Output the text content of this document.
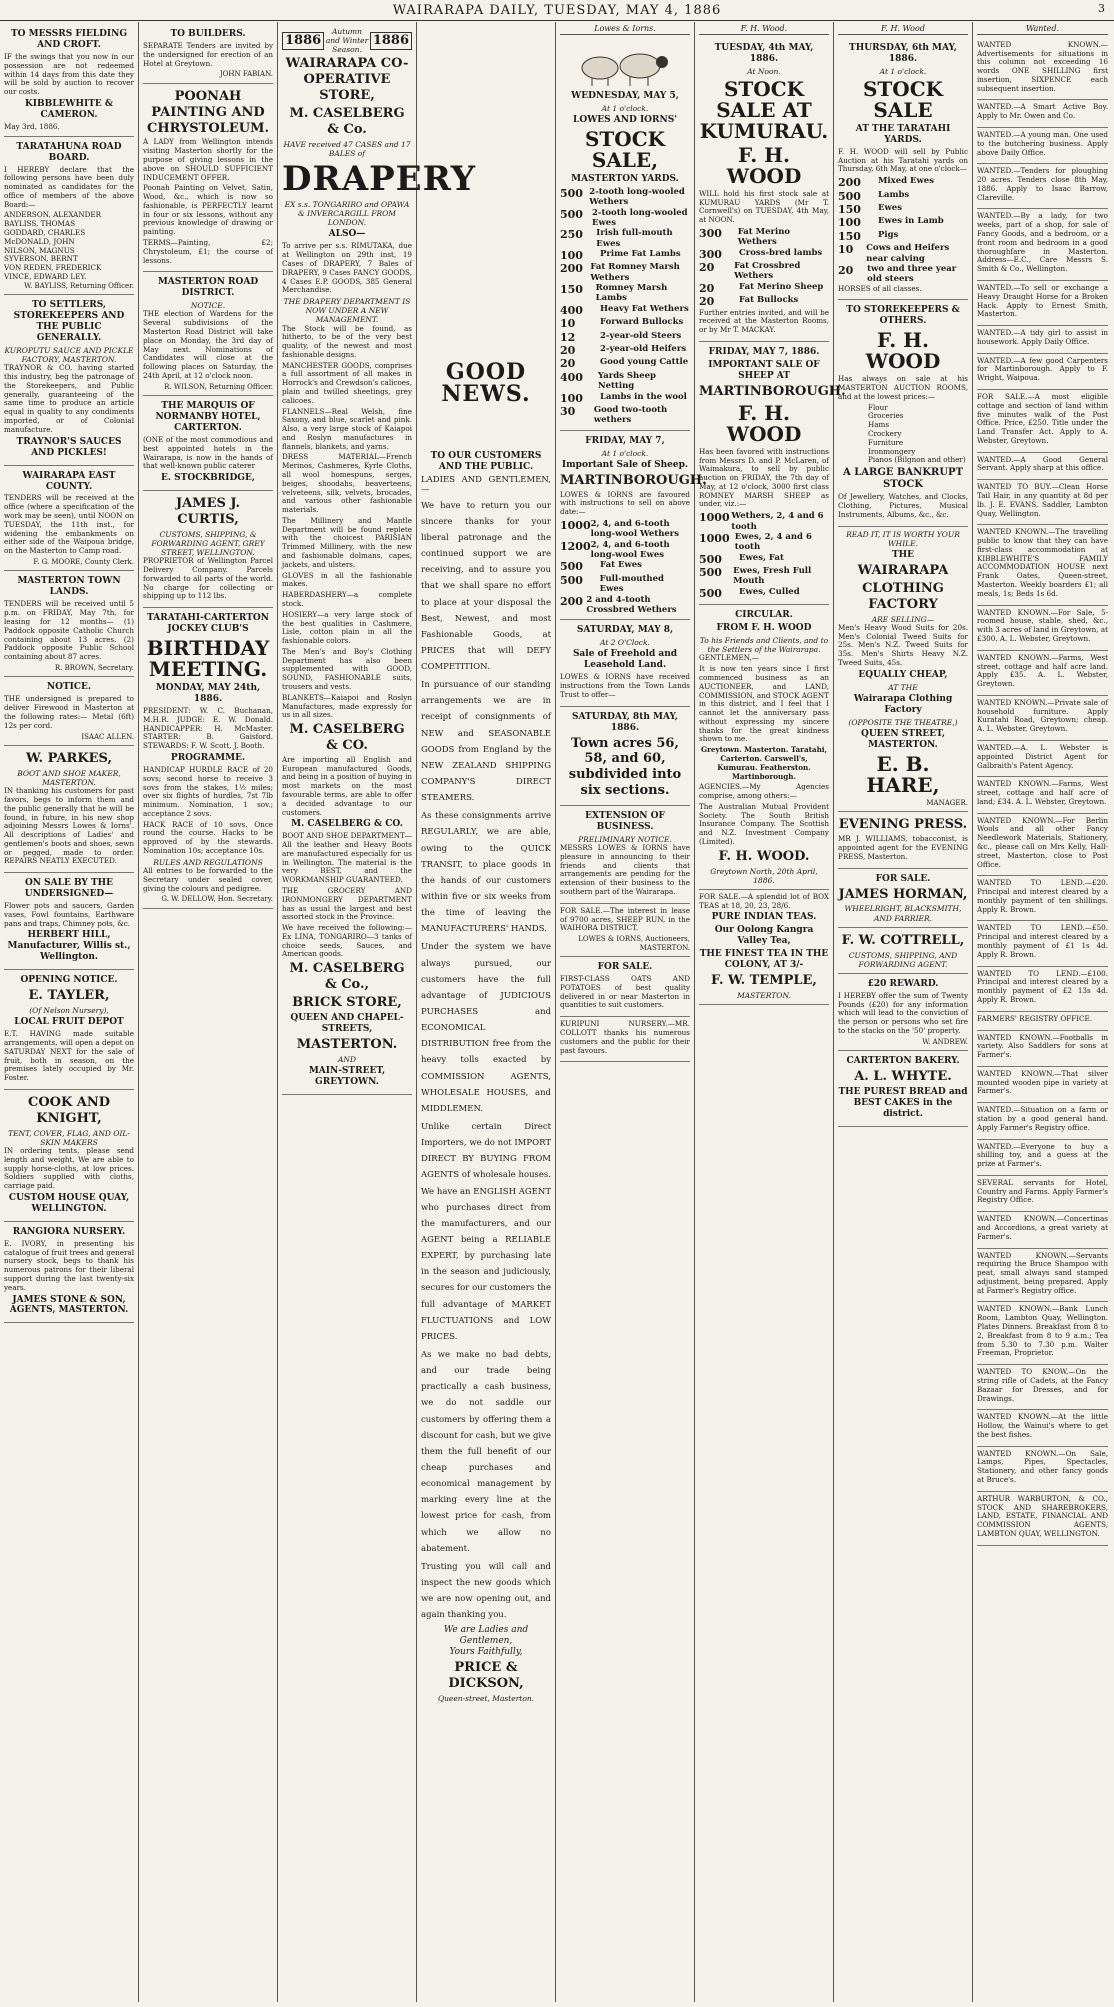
WAIRARAPA DAILY, TUESDAY, MAY 4, 1886	3
TO MESSRS FIELDING AND CROFT.

IF the swings that you now in our possession are not redeemed within 14 days from this date they will be sold by auction to recover our costs.

KIBBLEWHITE & CAMERON.
May 3rd, 1886.
TARATAHUNA ROAD BOARD.

I HEREBY declare that the following persons have been duly nominated as candidates for the office of members of the above Board:—

ANDERSON, ALEXANDER
BAYLISS, THOMAS
GODDARD, CHARLES
McDONALD, JOHN
NILSON, MAGNUS
SYVERSON, BERNT
VON REDEN, FREDERICK
VINCE, EDWARD LEY.
W. BAYLISS, Returning Officer.
TO SETTLERS, STOREKEEPERS AND THE PUBLIC GENERALLY.
KUROPUTU SAUCE AND PICKLE FACTORY, MASTERTON.

TRAYNOR & CO. having started this industry, beg the patronage of the Storekeepers, and Public generally, guaranteeing of the same time to produce an article equal in quality to any condiments imported, or of Colonial manufacture.

TRAYNOR'S SAUCES AND PICKLES!
WAIRARAPA EAST COUNTY.

TENDERS will be received at the office (where a specification of the work may be seen), until NOON on TUESDAY, the 11th inst., for widening the embankments on either side of the Waipoua bridge, on the Masterton to Camp road.

F. G. MOORE, County Clerk.
MASTERTON TOWN LANDS.

TENDERS will be received until 5 p.m. on FRIDAY, May 7th, for leasing for 12 months— (1) Paddock opposite Catholic Church containing about 13 acres. (2) Paddock opposite Public School containing about 87 acres.

R. BROWN, Secretary.
NOTICE.

THE undersigned is prepared to deliver Firewood in Masterton at the following rates:— Metal (6ft) 12s per cord.

ISAAC ALLEN.
W. PARKES,
BOOT AND SHOE MAKER, MASTERTON.

IN thanking his customers for past favors, begs to inform them and the public generally that he will be found, in future, in his new shop adjoining Messrs Lowes & Iorns'. All descriptions of Ladies' and gentlemen's boots and shoes, sewn or pegged, made to order. REPAIRS NEATLY EXECUTED.

ON SALE BY THE UNDERSIGNED—

Flower pots and saucers, Garden vases, Fowl fountains, Earthware pans and traps, Chimney pots, &c.

HERBERT HILL, Manufacturer, Willis st., Wellington.
OPENING NOTICE.
E. TAYLER,
(Of Nelson Nursery),
LOCAL FRUIT DEPOT

E.T. HAVING made suitable arrangements, will open a depot on SATURDAY NEXT for the sale of fruit, both in season, on the premises lately occupied by Mr. Foster.

COOK AND KNIGHT,
TENT, COVER, FLAG, AND OIL-SKIN MAKERS

IN ordering tents, please send length and weight. We are able to supply horse-cloths, at low prices. Soldiers supplied with cloths, carriage paid.

CUSTOM HOUSE QUAY, WELLINGTON.
RANGIORA NURSERY.

E. IVORY, in presenting his catalogue of fruit trees and general nursery stock, begs to thank his numerous patrons for their liberal support during the last twenty-six years.

JAMES STONE & SON, AGENTS, MASTERTON.
TO BUILDERS.

SEPARATE Tenders are invited by the undersigned for erection of an Hotel at Greytown.

JOHN FABIAN.
POONAH PAINTING AND CHRYSTOLEUM.

A LADY from Wellington intends visiting Masterton shortly for the purpose of giving lessons in the above on SHOULD SUFFICIENT INDUCEMENT OFFER.

Poonah Painting on Velvet, Satin, Wood, &c., which is now so fashionable, is PERFECTLY learnt in four or six lessons, without any previous knowledge of drawing or painting.

TERMS—Painting, £2; Chrystoleum, £1; the course of lessons.

MASTERTON ROAD DISTRICT.
NOTICE.

THE election of Wardens for the Several subdivisions of the Masterton Road District will take place on Monday, the 3rd day of May next. Nominations of Candidates will close at the following places on Saturday, the 24th April, at 12 o'clock noon.

R. WILSON, Returning Officer.
THE MARQUIS OF NORMANBY HOTEL, CARTERTON.

(ONE of the most commodious and best appointed hotels in the Wairarapa, is now in the hands of that well-known public caterer

E. STOCKBRIDGE,
JAMES J. CURTIS,
CUSTOMS, SHIPPING, & FORWARDING AGENT, GREY STREET, WELLINGTON.

PROPRIETOR of Wellington Parcel Delivery Company. Parcels forwarded to all parts of the world. No charge for collecting or shipping up to 112 lbs.

TARATAHI-CARTERTON JOCKEY CLUB'S
BIRTHDAY MEETING.
MONDAY, MAY 24th, 1886.

PRESIDENT: W. C. Buchanan, M.H.R. JUDGE: E. W. Donald. HANDICAPPER: H. McMaster. STARTER: B. Gaisford. STEWARDS: F. W. Scott, J. Booth.

PROGRAMME.

HANDICAP HURDLE RACE of 20 sovs; second horse to receive 3 sovs from the stakes, 1½ miles; over six flights of hurdles, 7st 7lb minimum. Nomination, 1 sov.; acceptance 2 sovs.

HACK RACE of 10 sovs. Once round the course. Hacks to be approved of by the stewards. Nomination 10s; acceptance 10s.

RULES AND REGULATIONS

All entries to be forwarded to the Secretary under sealed cover, giving the colours and pedigree.

G. W. DELLOW, Hon. Secretary.
1886
Autumn and Winter Season.
1886
WAIRARAPA CO-OPERATIVE STORE,
M. CASELBERG & Co.
HAVE received 47 CASES and 17 BALES of
DRAPERY
EX s.s. TONGARIRO and OPAWA & INVERCARGILL FROM LONDON.
ALSO—

To arrive per s.s. RIMUTAKA, due at Wellington on 29th inst, 19 Cases of DRAPERY, 7 Bales of DRAPERY, 9 Cases FANCY GOODS, 4 Cases E.P. GOODS, 385 General Merchandise.

THE DRAPERY DEPARTMENT IS NOW UNDER A NEW MANAGEMENT.

The Stock will be found, as hitherto, to be of the very best quality, of the newest and most fashionable designs.

MANCHESTER GOODS, comprises a full assortment of all makes in Horrock's and Crewdson's calicoes, plain and twilled sheetings, grey calicoes.

FLANNELS—Real Welsh, fine Saxony, and blue, scarlet and pink. Also, a very large stock of Kaiapoi and Roslyn manufactures in flannels, blankets, and yarns.

DRESS MATERIAL—French Merinos, Cashmeres, Kyrle Cloths, all wool homespuns, serges, beiges, shoodahs, beaverteens, velveteens, silk, velvets, brocades, and various other fashionable materials.

The Millinery and Mantle Department will be found replete with the choicest PARISIAN Trimmed Millinery, with the new and fashionable dolmans, capes, jackets, and ulsters.

GLOVES in all the fashionable makes.

HABERDASHERY—a complete stock.

HOSIERY—a very large stock of the best qualities in Cashmere, Lisle, cotton plain in all the fashionable colors.

The Men's and Boy's Clothing Department has also been supplemented with GOOD, SOUND, FASHIONABLE suits, trousers and vests.

BLANKETS—Kaiapoi and Roslyn Manufactures, made expressly for us in all sizes.

M. CASELBERG & CO.

Are importing all English and European manufactured Goods, and being in a position of buying in most markets on the most favourable terms, are able to offer a decided advantage to our customers.

M. CASELBERG & CO.

BOOT AND SHOE DEPARTMENT—All the leather and Heavy Boots are manufactured especially for us in Wellington. The material is the very BEST, and the WORKMANSHIP GUARANTEED.

THE GROCERY AND IRONMONGERY DEPARTMENT has as usual the largest and best assorted stock in the Province.

We have received the following:— Ex LINA, TONGARIRO—3 tanks of choice seeds, Sauces, and American goods.

M. CASELBERG & Co.,
BRICK STORE,
QUEEN AND CHAPEL-STREETS,
MASTERTON.
AND
MAIN-STREET, GREYTOWN.
GOOD NEWS.
TO OUR CUSTOMERS AND THE PUBLIC.

LADIES AND GENTLEMEN,—

We have to return you our sincere thanks for your liberal patronage and the continued support we are receiving, and to assure you that we shall spare no effort to place at your disposal the Best, Newest, and most Fashionable Goods, at PRICES that will DEFY COMPETITION.

In pursuance of our standing arrangements we are in receipt of consignments of NEW and SEASONABLE GOODS from England by the NEW ZEALAND SHIPPING COMPANY'S DIRECT STEAMERS.

As these consignments arrive REGULARLY, we are able, owing to the QUICK TRANSIT, to place goods in the hands of our customers within five or six weeks from the time of leaving the MANUFACTURERS' HANDS.

Under the system we have always pursued, our customers have the full advantage of JUDICIOUS PURCHASES and ECONOMICAL DISTRIBUTION free from the heavy tolls exacted by COMMISSION AGENTS, WHOLESALE HOUSES, and MIDDLEMEN.

Unlike certain Direct Importers, we do not IMPORT DIRECT BY BUYING FROM AGENTS of wholesale houses. We have an ENGLISH AGENT who purchases direct from the manufacturers, and our AGENT being a RELIABLE EXPERT, by purchasing late in the season and judiciously, secures for our customers the full advantage of MARKET FLUCTUATIONS and LOW PRICES.

As we make no bad debts, and our trade being practically a cash business, we do not saddle our customers by offering them a discount for cash, but we give them the full benefit of our cheap purchases and economical management by marking every line at the lowest price for cash, from which we allow no abatement.

Trusting you will call and inspect the new goods which we are now opening out, and again thanking you.

We are Ladies and Gentlemen,
Yours Faithfully,
PRICE & DICKSON,
Queen-street, Masterton.
Lowes & Iorns.
WEDNESDAY, MAY 5,
At 1 o'clock.
LOWES AND IORNS'
STOCK SALE,
MASTERTON YARDS.
500 2-tooth long-wooled Wethers
500	2-tooth long-wooled Ewes
250	Irish full-mouth Ewes
100	Prime Fat Lambs
200 Fat Romney Marsh Wethers
150	Romney Marsh Lambs
400	Heavy Fat Wethers
10	Forward Bullocks
12	2-year-old Steers
20	2-year-old Heifers
20	Good young Cattle
400	Yards Sheep Netting
100	Lambs in the wool
30	Good two-tooth wethers
FRIDAY, MAY 7,
At 1 o'clock.
Important Sale of Sheep.
MARTINBOROUGH.

LOWES & IORNS are favoured with instructions to sell on above date:—

1000 2, 4, and 6-tooth long-wool Wethers
1200 2, 4, and 6-tooth long-wool Ewes
500	Fat Ewes
500	Full-mouthed Ewes
200 2 and 4-tooth Crossbred Wethers
SATURDAY, MAY 8,
At 2 O'Clock.
Sale of Freehold and Leasehold Land.

LOWES & IORNS have received instructions from the Town Lands Trust to offer—

SATURDAY, 8th MAY, 1886.
Town acres 56, 58, and 60, subdivided into six sections.
EXTENSION OF BUSINESS.
PRELIMINARY NOTICE.

MESSRS LOWES & IORNS have pleasure in announcing to their friends and clients that arrangements are pending for the extension of their business to the southern part of the Wairarapa.

FOR SALE.—The interest in lease of 9700 acres, SHEEP RUN, in the WAIHORA DISTRICT.

LOWES & IORNS, Auctioneers, MASTERTON.
FOR SALE.

FIRST-CLASS OATS AND POTATOES of best quality delivered in or near Masterton in quantities to suit customers.

KURIPUNI NURSERY.—MR. COLLOTT thanks his numerous customers and the public for their past favours.

F. H. Wood.
TUESDAY, 4th MAY, 1886.
At Noon.
STOCK SALE AT KUMURAU.
F. H. WOOD

WILL hold his first stock sale at KUMURAU YARDS (Mr T. Cornwell's) on TUESDAY, 4th May, at NOON.

300	Fat Merino Wethers
300	Cross-bred lambs
20	Fat Crossbred Wethers
20	Fat Merino Sheep
20	Fat Bullocks

Further entries invited, and will be received at the Masterton Rooms, or by Mr T. MACKAY.

FRIDAY, MAY 7, 1886.
IMPORTANT SALE OF SHEEP AT
MARTINBOROUGH.
F. H. WOOD

Has been favored with instructions from Messrs D. and P. McLaren, of Waimakura, to sell by public auction on FRIDAY, the 7th day of May, at 12 o'clock, 3000 first class ROMNEY MARSH SHEEP as under, viz.:—

1000 Wethers, 2, 4 and 6 tooth
1000 Ewes, 2, 4 and 6 tooth
500	Ewes, Fat
500	Ewes, Fresh Full Mouth
500	Ewes, Culled
CIRCULAR.
FROM F. H. WOOD
To his Friends and Clients, and to the Settlers of the Wairarapa.

GENTLEMEN,—

It is now ten years since I first commenced business as an AUCTIONEER, and LAND, COMMISSION, and STOCK AGENT in this district, and I feel that I cannot let the anniversary pass without expressing my sincere thanks for the great kindness shown to me.

Greytown. Masterton. Taratahi, Carterton. Carswell's, Kumurau. Featherston. Martinborough.

AGENCIES.—My Agencies comprise, among others:—

The Australian Mutual Provident Society. The South British Insurance Company. The Scottish and N.Z. Investment Company (Limited).

F. H. WOOD.
Greytown North, 20th April, 1886.

FOR SALE.—A splendid lot of BOX TEAS at 18, 20, 23, 28/6.

PURE INDIAN TEAS.
Our Oolong Kangra Valley Tea,
THE FINEST TEA IN THE COLONY, AT 3/-
F. W. TEMPLE,
MASTERTON.
F. H. Wood
THURSDAY, 6th MAY, 1886.
At 1 o'clock.
STOCK SALE
AT THE TARATAHI YARDS.

F. H. WOOD will sell by Public Auction at his Taratahi yards on Thursday, 6th May, at one o'clock—

200	Mixed Ewes
500	Lambs
150	Ewes
100	Ewes in Lamb
150	Pigs
10	Cows and Heifers near calving
20	two and three year old steers

HORSES of all classes.

TO STOREKEEPERS & OTHERS.
F. H. WOOD

Has always on sale at his MASTERTON AUCTION ROOMS, and at the lowest prices:—

Flour
Groceries
Hams
Crockery
Furniture
Ironmongery
Pianos (Bilgnon and other)
A LARGE BANKRUPT STOCK

Of Jewellery, Watches, and Clocks, Clothing, Pictures, Musical Instruments, Albums, &c., &c.

READ IT, IT IS WORTH YOUR WHILE.
THE
WAIRARAPA
CLOTHING FACTORY
ARE SELLING—

Men's Heavy Wood Suits for 20s. Men's Colonial Tweed Suits for 25s. Men's N.Z. Tweed Suits for 35s. Men's Shirts Heavy N.Z. Tweed Suits, 45s.

EQUALLY CHEAP,
AT THE
Wairarapa Clothing Factory
(OPPOSITE THE THEATRE,)
QUEEN STREET, MASTERTON.
E. B. HARE,
MANAGER.
EVENING PRESS.

MR J. WILLIAMS, tobacconist, is appointed agent for the EVENING PRESS, Masterton.

FOR SALE.
JAMES HORMAN,
WHEELRIGHT, BLACKSMITH, AND FARRIER.
F. W. COTTRELL,
CUSTOMS, SHIPPING, AND FORWARDING AGENT.
£20 REWARD.

I HEREBY offer the sum of Twenty Pounds (£20) for any information which will lead to the conviction of the person or persons who set fire to the stacks on the '50' property.

W. ANDREW.
CARTERTON BAKERY.
A. L. WHYTE.
THE PUREST BREAD and BEST CAKES in the district.
Wanted.

WANTED KNOWN.—Advertisements for situations in this column not exceeding 16 words ONE SHILLING first insertion, SIXPENCE each subsequent insertion.

WANTED.—A Smart Active Boy. Apply to Mr. Owen and Co.

WANTED.—A young man. One used to the butchering business. Apply above Daily Office.

WANTED.—Tenders for ploughing 20 acres. Tenders close 8th May, 1886. Apply to Isaac Barrow, Clareville.

WANTED.—By a lady, for two weeks, part of a shop, for sale of Fancy Goods, and a bedroom, or a front room and bedroom in a good thoroughfare in Masterton. Address—E.C., Care Messrs S. Smith & Co., Wellington.

WANTED.—To sell or exchange a Heavy Draught Horse for a Broken Hack. Apply to Ernest Smith, Masterton.

WANTED.—A tidy girl to assist in housework. Apply Daily Office.

WANTED.—A few good Carpenters for Martinborough. Apply to F. Wright, Waipoua.

FOR SALE.—A most eligible cottage and section of land within five minutes walk of the Post Office. Price, £250. Title under the Land Transfer Act. Apply to A. Webster, Greytown.

WANTED.—A Good General Servant. Apply sharp at this office.

WANTED TO BUY.—Clean Horse Tail Hair, in any quantity at 8d per lb. J. E. EVANS, Saddler, Lambton Quay, Wellington.

WANTED KNOWN.—The travelling public to know that they can have first-class accommodation at KIBBLEWHITE'S FAMILY ACCOMMODATION HOUSE next Frank Oates, Queen-street, Masterton. Weekly boarders £1; all meals, 1s; Beds 1s 6d.

WANTED KNOWN.—For Sale, 5-roomed house, stable, shed, &c., with 3 acres of land in Greytown, at £300. A. L. Webster, Greytown.

WANTED KNOWN.—Farms, West street, cottage and half acre land. Apply £35. A. L. Webster, Greytown.

WANTED KNOWN.—Private sale of household furniture. Apply Kuratahi Road, Greytown; cheap. A. L. Webster, Greytown.

WANTED.—A. L. Webster is appointed District Agent for Galbraith's Patent Agency.

WANTED KNOWN.—Farms, West street, cottage and half acre of land; £34. A. L. Webster, Greytown.

WANTED KNOWN.—For Berlin Wools and all other Fancy Needlework Materials, Stationery, &c., please call on Mrs Kelly, Hall-street, Masterton, close to Post Office.

WANTED TO LEND.—£20. Principal and interest cleared by a monthly payment of ten shillings. Apply R. Brown.

WANTED TO LEND.—£50. Principal and interest cleared by a monthly payment of £1 1s 4d. Apply R. Brown.

WANTED TO LEND.—£100. Principal and interest cleared by a monthly payment of £2 13s 4d. Apply R. Brown.

FARMERS' REGISTRY OFFICE.

WANTED KNOWN.—Footballs in variety. Also Saddlers for sons at Farmer's.

WANTED KNOWN.—That silver mounted wooden pipe in variety at Farmer's.

WANTED.—Situation on a farm or station by a good general hand. Apply Farmer's Registry office.

WANTED.—Everyone to buy a shilling toy, and a guess at the prize at Farmer's.

SEVERAL servants for Hotel, Country and Farms. Apply Farmer's Registry Office.

WANTED KNOWN.—Concertinas and Accordions, a great variety at Farmer's.

WANTED KNOWN.—Servants requiring the Bruce Shampoo with peat, small always sand stamped adjustment, being prepared. Apply at Farmer's Registry office.

WANTED KNOWN.—Bank Lunch Room, Lambton Quay, Wellington. Plates Dinners. Breakfast from 8 to 2, Breakfast from 8 to 9 a.m.; Tea from 5.30 to 7.30 p.m. Walter Freeman, Proprietor.

WANTED TO KNOW.—On the string rifle of Cadets, at the Fancy Bazaar for Dresses, and for Drawings.

WANTED KNOWN.—At the little Hollow, the Wainui's where to get the best fishes.

WANTED KNOWN.—On Sale, Lamps, Pipes, Spectacles, Stationery, and other fancy goods at Bruce's.

ARTHUR WARBURTON, & CO., STOCK AND SHAREBROKERS, LAND, ESTATE, FINANCIAL AND COMMISSION AGENTS, LAMBTON QUAY, WELLINGTON.
